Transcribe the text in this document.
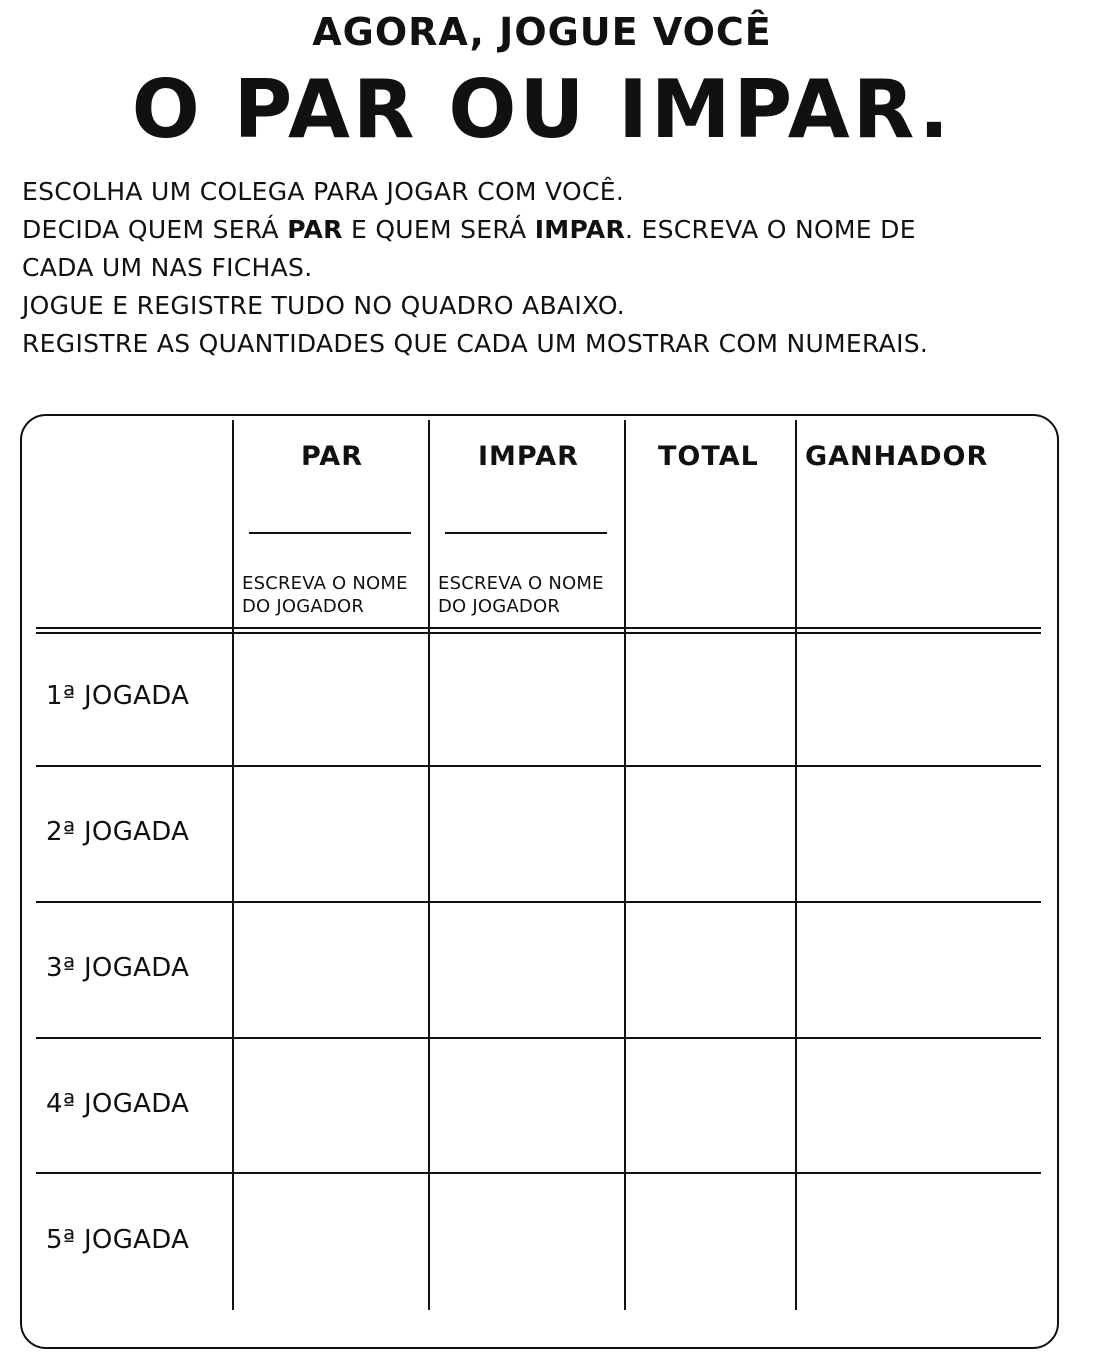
AGORA, JOGUE VOCÊ
O PAR OU IMPAR.
ESCOLHA UM COLEGA PARA JOGAR COM VOCÊ.
DECIDA QUEM SERÁ PAR E QUEM SERÁ IMPAR. ESCREVA O NOME DE
CADA UM NAS FICHAS.
JOGUE E REGISTRE TUDO NO QUADRO ABAIXO.
REGISTRE AS QUANTIDADES QUE CADA UM MOSTRAR COM NUMERAIS.
PAR	IMPAR	TOTAL GANHADOR
ESCREVA O NOME
DO JOGADOR
ESCREVA O NOME
DO JOGADOR
1ª JOGADA
2ª JOGADA
3ª JOGADA
4ª JOGADA
5ª JOGADA
